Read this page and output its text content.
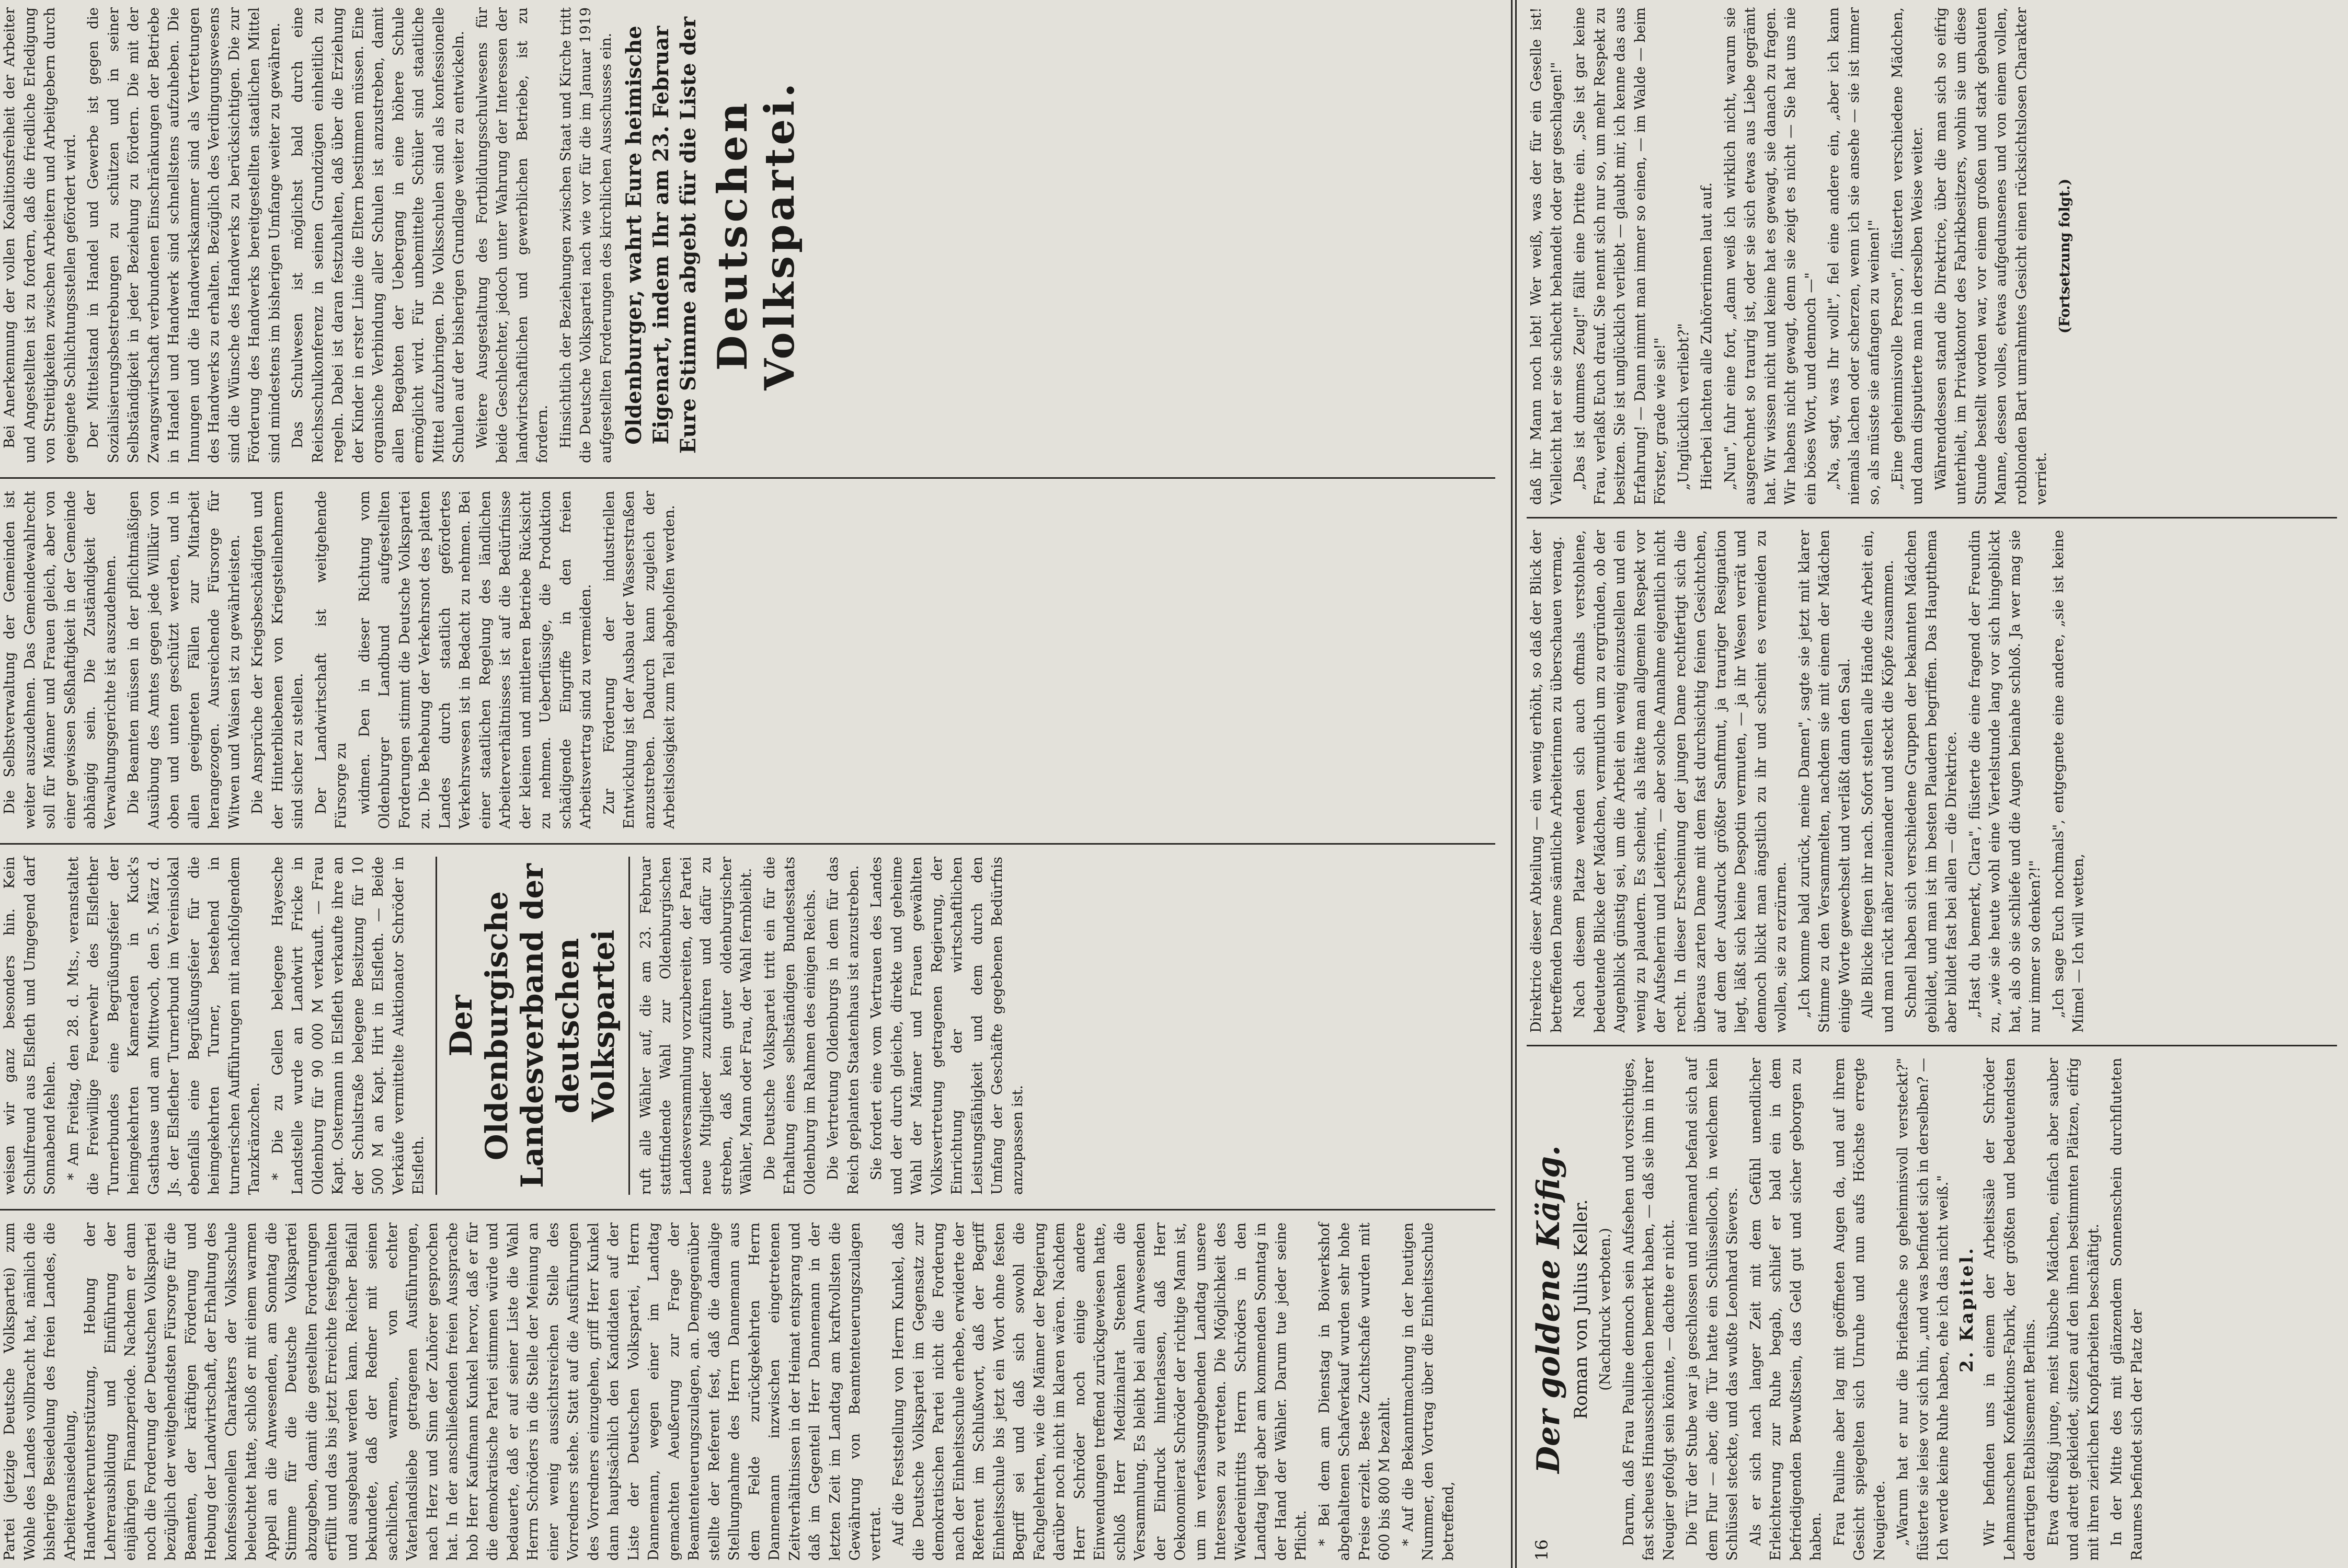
Partei (jetzige Deutsche Volkspartei) zum Wohle des Landes vollbracht hat, nämlich die bisherige Besiedelung des freien Landes, die Arbeiteransiedelung, Handwerkerunterstützung, Hebung der Lehrerausbildung und Einführung der einjährigen Finanzperiode. Nachdem er dann noch die Forderung der Deutschen Volkspartei bezüglich der weitgehendsten Fürsorge für die Beamten, der kräftigen Förderung und Hebung der Landwirtschaft, der Erhaltung des konfessionellen Charakters der Volksschule beleuchtet hatte, schloß er mit einem warmen Appell an die Anwesenden, am Sonntag die Stimme für die Deutsche Volkspartei abzugeben, damit die gestellten Forderungen erfüllt und das bis jetzt Erreichte festgehalten und ausgebaut werden kann. Reicher Beifall bekundete, daß der Redner mit seinen sachlichen, warmen, von echter Vaterlandsliebe getragenen Ausführungen, nach Herz und Sinn der Zuhörer gesprochen hat. In der anschließenden freien Aussprache hob Herr Kaufmann Kunkel hervor, daß er für die demokratische Partei stimmen würde und bedauerte, daß er auf seiner Liste die Wahl Herrn Schröders in die Stelle der Meinung an einer wenig aussichtsreichen Stelle des Vorredners stehe. Statt auf die Ausführungen des Vorredners einzugehen, griff Herr Kunkel dann hauptsächlich den Kandidaten auf der Liste der Deutschen Volkspartei, Herrn Dannemann, wegen einer im Landtag gemachten Aeußerung zur Frage der Beamtenteuerungszulagen, an. Demgegenüber stellte der Referent fest, daß die damalige Stellungnahme des Herrn Dannemann aus dem Felde zurückgekehrten Herrn Dannemann inzwischen eingetretenen Zeitverhältnissen in der Heimat entsprang und daß im Gegenteil Herr Dannemann in der letzten Zeit im Landtag am kraftvollsten die Gewährung von Beamtenteuerungszulagen vertrat. Auf die Feststellung von Herrn Kunkel, daß die Deutsche Volkspartei im Gegensatz zur demokratischen Partei nicht die Forderung nach der Einheitsschule erhebe, erwiderte der Referent im Schlußwort, daß der Begriff Einheitsschule bis jetzt ein Wort ohne festen Begriff sei und daß sich sowohl die Fachgelehrten, wie die Männer der Regierung darüber noch nicht im klaren wären. Nachdem Herr Schröder noch einige andere Einwendungen treffend zurückgewiesen hatte, schloß Herr Medizinalrat Steenken die Versammlung. Es bleibt bei allen Anwesenden der Eindruck hinterlassen, daß Herr Oekonomierat Schröder der richtige Mann ist, um im verfassunggebenden Landtag unsere Interessen zu vertreten. Die Möglichkeit des Wiedereintritts Herrn Schröders in den Landtag liegt aber am kommenden Sonntag in der Hand der Wähler. Darum tue jeder seine Pflicht. * Bei dem am Dienstag in Boiwerkshof abgehaltenen Schafverkauf wurden sehr hohe Preise erzielt. Beste Zuchtschafe wurden mit 600 bis 800 M bezahlt. * Auf die Bekanntmachung in der heutigen Nummer, den Vortrag über die Einheitsschule betreffend,

weisen wir ganz besonders hin. Kein Schulfreund aus Elsfleth und Umgegend darf Sonnabend fehlen. * Am Freitag, den 28. d. Mts., veranstaltet die Freiwillige Feuerwehr des Elsflether Turnerbundes eine Begrüßungsfeier der heimgekehrten Kameraden in Kuck's Gasthause und am Mittwoch, den 5. März d. Js. der Elsflether Turnerbund im Vereinslokal ebenfalls eine Begrüßungsfeier für die heimgekehrten Turner, bestehend in turnerischen Aufführungen mit nachfolgendem Tanzkränzchen. * Die zu Gellen belegene Hayesche Landstelle wurde an Landwirt Fricke in Oldenburg für 90 000 M verkauft. — Frau Kapt. Ostermann in Elsfleth verkaufte ihre an der Schulstraße belegene Besitzung für 10 500 M an Kapt. Hirt in Elsfleth. — Beide Verkäufe vermittelte Auktionator Schröder in Elsfleth.

Der Oldenburgische Landesverband der deutschen Volkspartei ruft alle Wähler auf, die am 23. Februar stattfindende Wahl zur Oldenburgischen Landesversammlung vorzubereiten, der Partei neue Mitglieder zuzuführen und dafür zu streben, daß kein guter oldenburgischer Wähler, Mann oder Frau, der Wahl fernbleibt. Die Deutsche Volkspartei tritt ein für die Erhaltung eines selbständigen Bundesstaats Oldenburg im Rahmen des einigen Reichs. Die Vertretung Oldenburgs in dem für das Reich geplanten Staatenhaus ist anzustreben. Sie fordert eine vom Vertrauen des Landes und der durch gleiche, direkte und geheime Wahl der Männer und Frauen gewählten Volksvertretung getragenen Regierung, der Einrichtung der wirtschaftlichen Leistungsfähigkeit und dem durch den Umfang der Geschäfte gegebenen Bedürfnis anzupassen ist.

Die Selbstverwaltung der Gemeinden ist weiter auszudehnen. Das Gemeindewahlrecht soll für Männer und Frauen gleich, aber von einer gewissen Seßhaftigkeit in der Gemeinde abhängig sein. Die Zuständigkeit der Verwaltungsgerichte ist auszudehnen. Die Beamten müssen in der pflichtmäßigen Ausübung des Amtes gegen jede Willkür von oben und unten geschützt werden, und in allen geeigneten Fällen zur Mitarbeit herangezogen. Ausreichende Fürsorge für Witwen und Waisen ist zu gewährleisten. Die Ansprüche der Kriegsbeschädigten und der Hinterbliebenen von Kriegsteilnehmern sind sicher zu stellen. Der Landwirtschaft ist weitgehende Fürsorge zu widmen. Den in dieser Richtung vom Oldenburger Landbund aufgestellten Forderungen stimmt die Deutsche Volkspartei zu. Die Behebung der Verkehrsnot des platten Landes durch staatlich gefördertes Verkehrswesen ist in Bedacht zu nehmen. Bei einer staatlichen Regelung des ländlichen Arbeiterverhältnisses ist auf die Bedürfnisse der kleinen und mittleren Betriebe Rücksicht zu nehmen. Ueberflüssige, die Produktion schädigende Eingriffe in den freien Arbeitsvertrag sind zu vermeiden. Zur Förderung der industriellen Entwicklung ist der Ausbau der Wasserstraßen anzustreben. Dadurch kann zugleich der Arbeitslosigkeit zum Teil abgeholfen werden.

Bei Anerkennung der vollen Koalitionsfreiheit der Arbeiter und Angestellten ist zu fordern, daß die friedliche Erledigung von Streitigkeiten zwischen Arbeitern und Arbeitgebern durch geeignete Schlichtungsstellen gefördert wird. Der Mittelstand in Handel und Gewerbe ist gegen die Sozialisierungsbestrebungen zu schützen und in seiner Selbständigkeit in jeder Beziehung zu fördern. Die mit der Zwangswirtschaft verbundenen Einschränkungen der Betriebe in Handel und Handwerk sind schnellstens aufzuheben. Die Innungen und die Handwerkskammer sind als Vertretungen des Handwerks zu erhalten. Bezüglich des Verdingungswesens sind die Wünsche des Handwerks zu berücksichtigen. Die zur Förderung des Handwerks bereitgestellten staatlichen Mittel sind mindestens im bisherigen Umfange weiter zu gewähren. Das Schulwesen ist möglichst bald durch eine Reichsschulkonferenz in seinen Grundzügen einheitlich zu regeln. Dabei ist daran festzuhalten, daß über die Erziehung der Kinder in erster Linie die Eltern bestimmen müssen. Eine organische Verbindung aller Schulen ist anzustreben, damit allen Begabten der Uebergang in eine höhere Schule ermöglicht wird. Für unbemittelte Schüler sind staatliche Mittel aufzubringen. Die Volksschulen sind als konfessionelle Schulen auf der bisherigen Grundlage weiter zu entwickeln. Weitere Ausgestaltung des Fortbildungsschulwesens für beide Geschlechter, jedoch unter Wahrung der Interessen der landwirtschaftlichen und gewerblichen Betriebe, ist zu fordern. Hinsichtlich der Beziehungen zwischen Staat und Kirche tritt die Deutsche Volkspartei nach wie vor für die im Januar 1919 aufgestellten Forderungen des kirchlichen Ausschusses ein. Oldenburger, wahrt Eure heimische Eigenart, indem Ihr am 23. Februar Eure Stimme abgebt für die Liste der Deutschen Volkspartei.
16
Der goldene Käfig. Roman von Julius Keller. (Nachdruck verboten.) Darum, daß Frau Pauline dennoch sein Aufsehen und vorsichtiges, fast scheues Hinausschleichen bemerkt haben, — daß sie ihm in ihrer Neugier gefolgt sein könnte, — dachte er nicht. Die Tür der Stube war ja geschlossen und niemand befand sich auf dem Flur — aber, die Tür hatte ein Schlüsselloch, in welchem kein Schlüssel steckte, und das wußte Leonhard Sievers. Als er sich nach langer Zeit mit dem Gefühl unendlicher Erleichterung zur Ruhe begab, schlief er bald ein in dem befriedigenden Bewußtsein, das Geld gut und sicher geborgen zu haben. Frau Pauline aber lag mit geöffneten Augen da, und auf ihrem Gesicht spiegelten sich Unruhe und nun aufs Höchste erregte Neugierde. „Warum hat er nur die Brieftasche so geheimnisvoll versteckt?" flüsterte sie leise vor sich hin, „und was befindet sich in derselben? — Ich werde keine Ruhe haben, ehe ich das nicht weiß." 2. Kapitel. Wir befinden uns in einem der Arbeitssäle der Schröder Lehmannschen Konfektions-Fabrik, der größten und bedeutendsten derartigen Etablissement Berlins. Etwa dreißig junge, meist hübsche Mädchen, einfach aber sauber und adrett gekleidet, sitzen auf den ihnen bestimmten Plätzen, eifrig mit ihren zierlichen Knopfarbeiten beschäftigt. In der Mitte des mit glänzendem Sonnenschein durchfluteten Raumes befindet sich der Platz der

Direktrice dieser Abteilung — ein wenig erhöht, so daß der Blick der betreffenden Dame sämtliche Arbeiterinnen zu überschauen vermag. Nach diesem Platze wenden sich auch oftmals verstohlene, bedeutende Blicke der Mädchen, vermutlich um zu ergründen, ob der Augenblick günstig sei, um die Arbeit ein wenig einzustellen und ein wenig zu plaudern. Es scheint, als hätte man allgemein Respekt vor der Aufseherin und Leiterin, — aber solche Annahme eigentlich nicht recht. In dieser Erscheinung der jungen Dame rechtfertigt sich die überaus zarten Dame mit dem fast durchsichtig feinen Gesichtchen, auf dem der Ausdruck größter Sanftmut, ja trauriger Resignation liegt, läßt sich keine Despotin vermuten, — ja ihr Wesen verrät und dennoch blickt man ängstlich zu ihr und scheint es vermeiden zu wollen, sie zu erzürnen. „Ich komme bald zurück, meine Damen", sagte sie jetzt mit klarer Stimme zu den Versammelten, nachdem sie mit einem der Mädchen einige Worte gewechselt und verläßt dann den Saal. Alle Blicke fliegen ihr nach. Sofort stellen alle Hände die Arbeit ein, und man rückt näher zueinander und steckt die Köpfe zusammen. Schnell haben sich verschiedene Gruppen der bekannten Mädchen gebildet, und man ist im besten Plaudern begriffen. Das Hauptthema aber bildet fast bei allen — die Direktrice. „Hast du bemerkt, Clara", flüsterte die eine fragend der Freundin zu, „wie sie heute wohl eine Viertelstunde lang vor sich hingeblickt hat, als ob sie schliefe und die Augen beinahe schloß. Ja wer mag sie nur immer so denken?!" „Ich sage Euch nochmals", entgegnete eine andere, „sie ist keine Mimel — Ich will wetten,

daß ihr Mann noch lebt! Wer weiß, was der für ein Geselle ist! Vielleicht hat er sie schlecht behandelt oder gar geschlagen!" „Das ist dummes Zeug!" fällt eine Dritte ein. „Sie ist gar keine Frau, verlaßt Euch drauf. Sie nennt sich nur so, um mehr Respekt zu besitzen. Sie ist unglücklich verliebt — glaubt mir, ich kenne das aus Erfahrung! — Dann nimmt man immer so einen, — im Walde — beim Förster, grade wie sie!" „Unglücklich verliebt?" Hierbei lachten alle Zuhörerinnen laut auf. „Nun", fuhr eine fort, „dann weiß ich wirklich nicht, warum sie ausgerechnet so traurig ist, oder sie sich etwas aus Liebe gegrämt hat. Wir wissen nicht und keine hat es gewagt, sie danach zu fragen. Wir habens nicht gewagt, denn sie zeigt es nicht — Sie hat uns nie ein böses Wort, und dennoch —" „Na, sagt, was Ihr wollt", fiel eine andere ein, „aber ich kann niemals lachen oder scherzen, wenn ich sie ansehe — sie ist immer so, als müsste sie anfangen zu weinen!" „Eine geheimnisvolle Person", flüsterten verschiedene Mädchen, und dann disputierte man in derselben Weise weiter. Währenddessen stand die Direktrice, über die man sich so eifrig unterhielt, im Privatkontor des Fabrikbesitzers, wohin sie um diese Stunde bestellt worden war, vor einem großen und stark gebauten Manne, dessen volles, etwas aufgedunsenes und von einem vollen, rotblonden Bart umrahmtes Gesicht einen rücksichtslosen Charakter verriet.

(Fortsetzung folgt.)
